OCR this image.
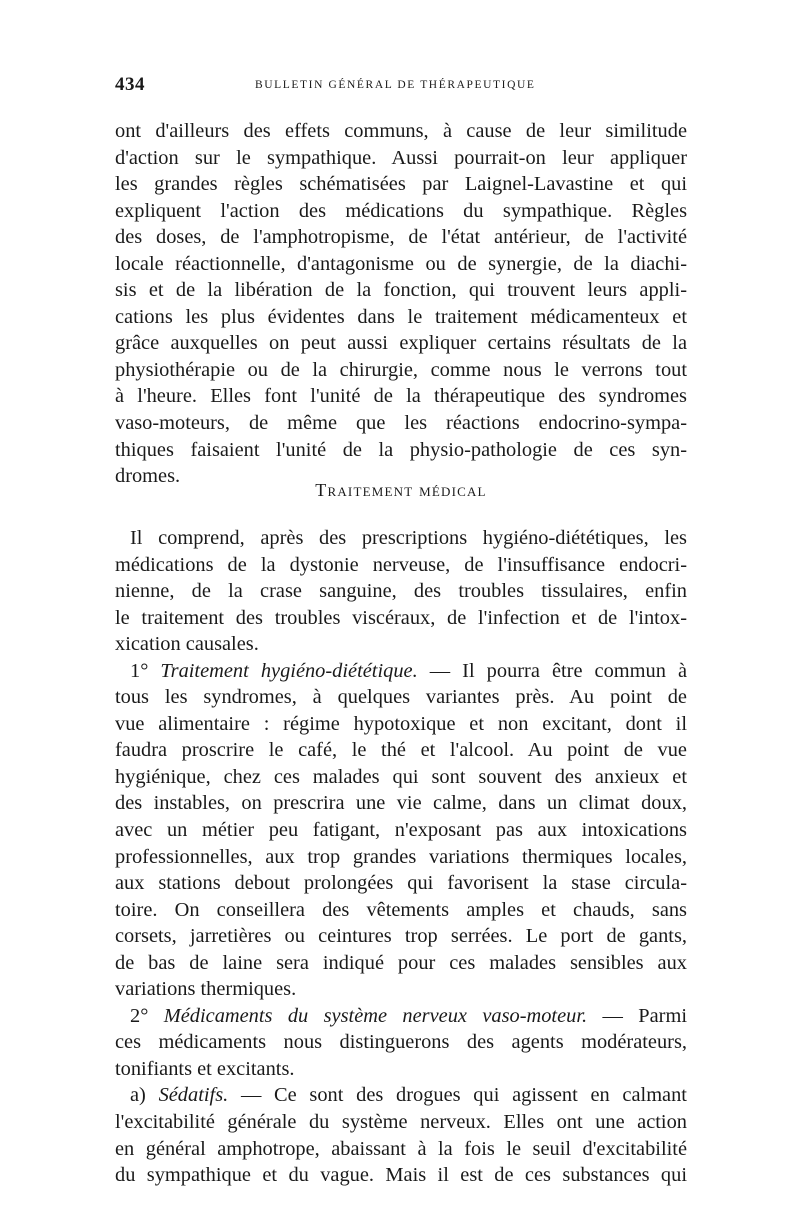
434	BULLETIN GÉNÉRAL DE THÉRAPEUTIQUE
ont d'ailleurs des effets communs, à cause de leur similitude
d'action sur le sympathique. Aussi pourrait-on leur appliquer
les grandes règles schématisées par Laignel-Lavastine et qui
expliquent l'action des médications du sympathique. Règles
des doses, de l'amphotropisme, de l'état antérieur, de l'activité
locale réactionnelle, d'antagonisme ou de synergie, de la diachi-
sis et de la libération de la fonction, qui trouvent leurs appli-
cations les plus évidentes dans le traitement médicamenteux et
grâce auxquelles on peut aussi expliquer certains résultats de la
physiothérapie ou de la chirurgie, comme nous le verrons tout
à l'heure. Elles font l'unité de la thérapeutique des syndromes
vaso-moteurs, de même que les réactions endocrino-sympa-
thiques faisaient l'unité de la physio-pathologie de ces syn-
dromes.
Traitement médical
Il comprend, après des prescriptions hygiéno-diététiques, les
médications de la dystonie nerveuse, de l'insuffisance endocri-
nienne, de la crase sanguine, des troubles tissulaires, enfin
le traitement des troubles viscéraux, de l'infection et de l'intox-
xication causales.
1° Traitement hygiéno-diététique. — Il pourra être commun à
tous les syndromes, à quelques variantes près. Au point de
vue alimentaire : régime hypotoxique et non excitant, dont il
faudra proscrire le café, le thé et l'alcool. Au point de vue
hygiénique, chez ces malades qui sont souvent des anxieux et
des instables, on prescrira une vie calme, dans un climat doux,
avec un métier peu fatigant, n'exposant pas aux intoxications
professionnelles, aux trop grandes variations thermiques locales,
aux stations debout prolongées qui favorisent la stase circula-
toire. On conseillera des vêtements amples et chauds, sans
corsets, jarretières ou ceintures trop serrées. Le port de gants,
de bas de laine sera indiqué pour ces malades sensibles aux
variations thermiques.
2° Médicaments du système nerveux vaso-moteur. — Parmi
ces médicaments nous distinguerons des agents modérateurs,
tonifiants et excitants.
a) Sédatifs. — Ce sont des drogues qui agissent en calmant
l'excitabilité générale du système nerveux. Elles ont une action
en général amphotrope, abaissant à la fois le seuil d'excitabilité
du sympathique et du vague. Mais il est de ces substances qui
